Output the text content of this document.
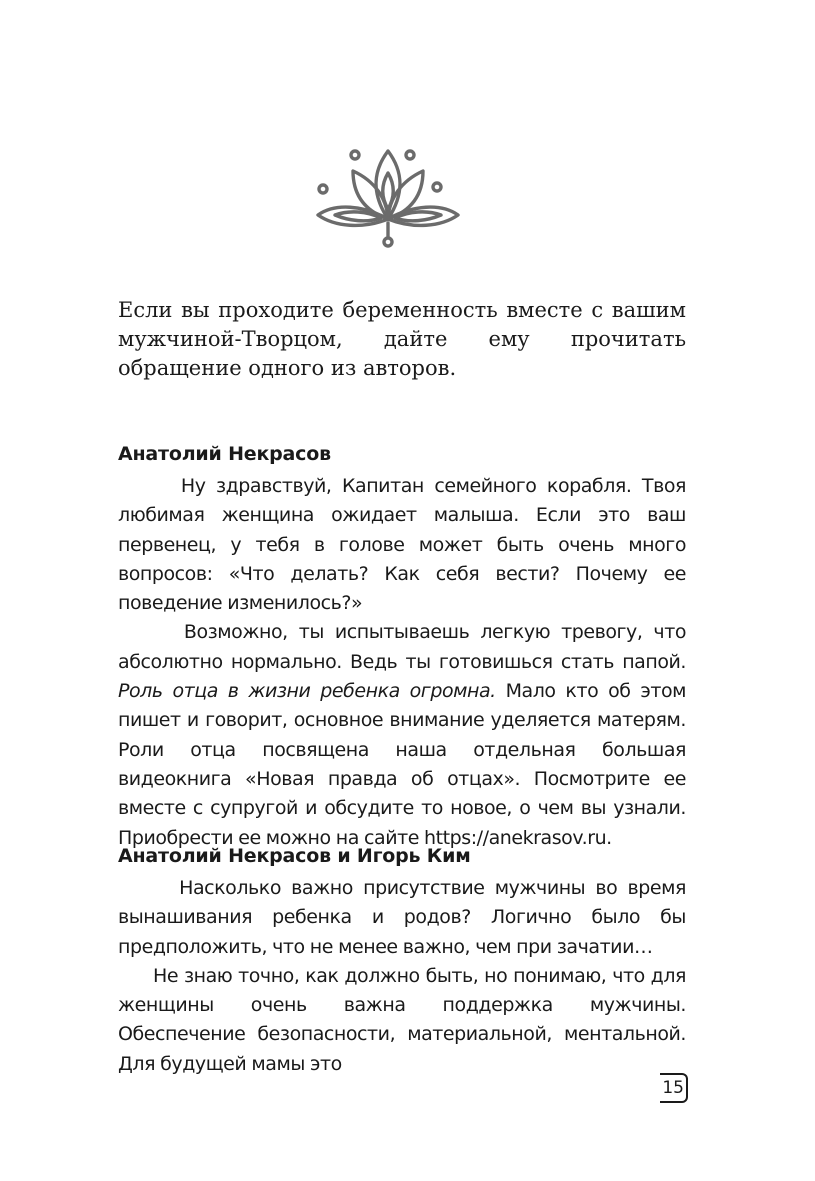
Если вы проходите беременность вместе с вашим мужчиной-Творцом, дайте ему прочитать обращение одного из авторов.

Анатолий Некрасов

Ну здравствуй, Капитан семейного корабля. Твоя любимая женщина ожидает малыша. Если это ваш первенец, у тебя в голове может быть очень много вопросов: «Что делать? Как себя вести? Почему ее поведение изменилось?»

Возможно, ты испытываешь легкую тревогу, что абсолютно нормально. Ведь ты готовишься стать папой. Роль отца в жизни ребенка огромна. Мало кто об этом пишет и говорит, основное внимание уделяется матерям. Роли отца посвящена наша отдельная большая видеокнига «Новая правда об отцах». Посмотрите ее вместе с супругой и обсудите то новое, о чем вы узнали. Приобрести ее можно на сайте https://anekrasov.ru.

Анатолий Некрасов и Игорь Ким

Насколько важно присутствие мужчины во время вынашивания ребенка и родов? Логично было бы предположить, что не менее важно, чем при зачатии…

Не знаю точно, как должно быть, но понимаю, что для женщины очень важна поддержка мужчины. Обеспечение безопасности, материальной, ментальной. Для будущей мамы это

15
